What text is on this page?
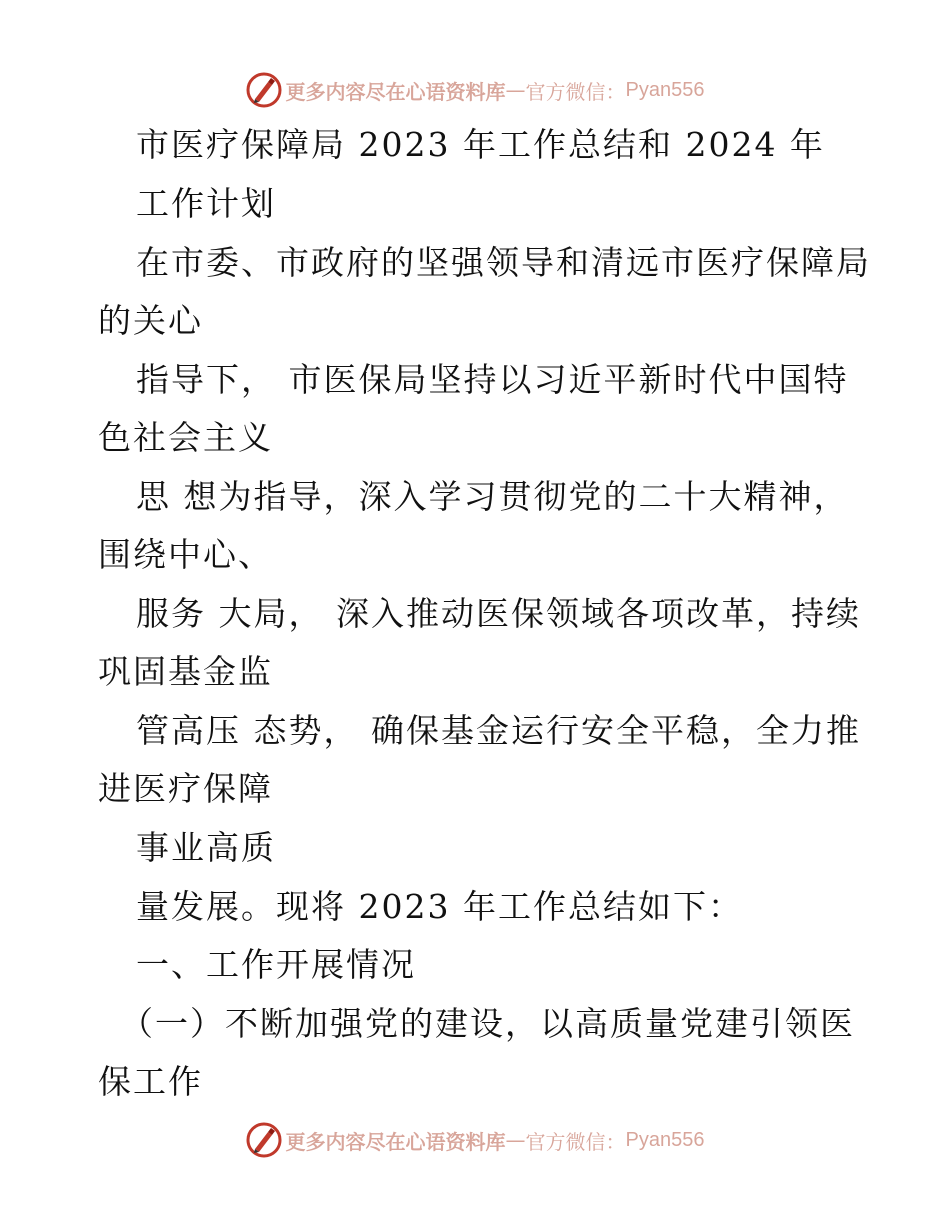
更多内容尽在心语资料库 — 官方微信： Pyan556
市医疗保障局 2023 年工作总结和 2024 年
工作计划
在市委、市政府的坚强领导和清远市医疗保障局
的关心
指导下， 市医保局坚持以习近平新时代中国特
色社会主义
思 想为指导，深入学习贯彻党的二十大精神，
围绕中心、
服务 大局， 深入推动医保领域各项改革，持续
巩固基金监
管高压 态势， 确保基金运行安全平稳，全力推
进医疗保障
事业高质
量发展。现将 2023 年工作总结如下：
一、工作开展情况
（一）不断加强党的建设，以高质量党建引领医
保工作
更多内容尽在心语资料库 — 官方微信： Pyan556
